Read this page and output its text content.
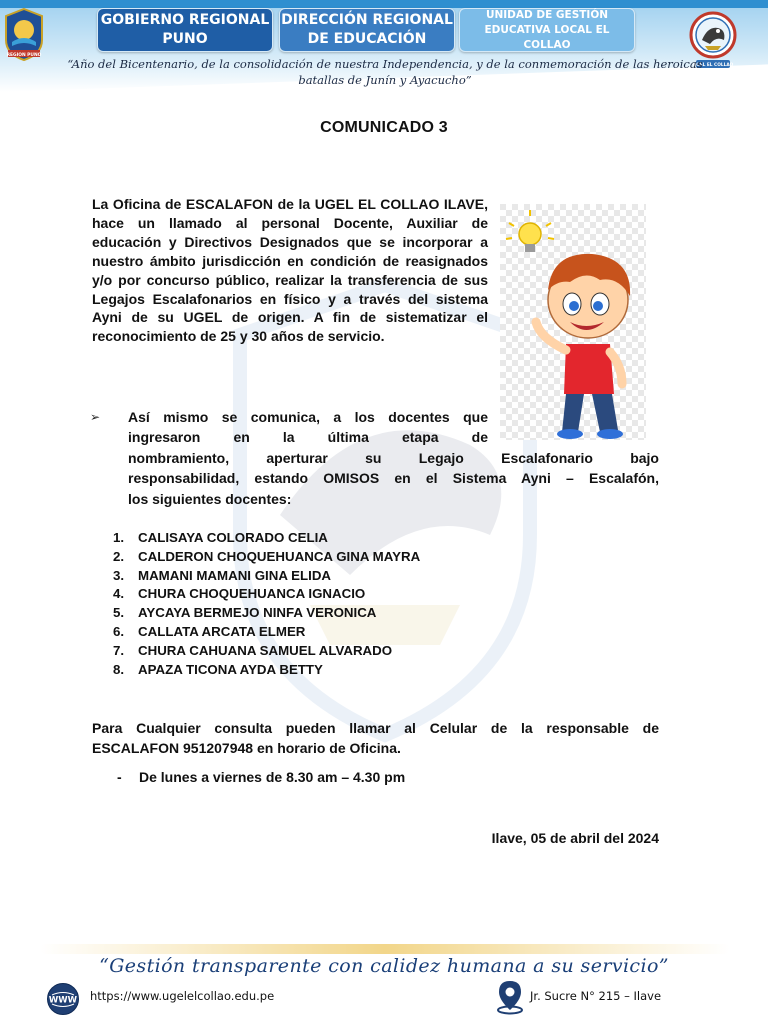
REGION PUNO
GOBIERNO REGIONAL
PUNO
DIRECCIÓN REGIONAL
DE EDUCACIÓN
UNIDAD DE GESTIÓN
EDUCATIVA LOCAL EL COLLAO
UGEL EL COLLAO
“Año del Bicentenario, de la consolidación de nuestra Independencia, y de la conmemoración de las heroicas batallas de Junín y Ayacucho”
COMUNICADO 3

La Oficina de ESCALAFON de la UGEL EL COLLAO ILAVE, hace un llamado al personal Docente, Auxiliar de educación y Directivos Designados que se incorporar a nuestro ámbito jurisdicción en condición de reasignados y/o por concurso público, realizar la transferencia de sus Legajos Escalafonarios en físico y a través del sistema Ayni de su UGEL de origen. A fin de sistematizar el reconocimiento de 25 y 30 años de servicio.

➢ Así mismo se comunica, a los docentes que ingresaron en la última etapa de

nombramiento, aperturar su Legajo Escalafonario bajo
responsabilidad, estando OMISOS en el Sistema Ayni – Escalafón,
los siguientes docentes:

1.	CALISAYA COLORADO CELIA
2.	CALDERON CHOQUEHUANCA GINA MAYRA
3.	MAMANI MAMANI GINA ELIDA
4.	CHURA CHOQUEHUANCA IGNACIO
5.	AYCAYA BERMEJO NINFA VERONICA
6.	CALLATA ARCATA ELMER
7.	CHURA CAHUANA SAMUEL ALVARADO
8.	APAZA TICONA AYDA BETTY

Para Cualquier consulta pueden llamar al Celular de la responsable de
ESCALAFON 951207948 en horario de Oficina.

- De lunes a viernes de 8.30 am – 4.30 pm
Ilave, 05 de abril del 2024
“Gestión transparente con calidez humana a su servicio”
WWW https://www.ugelelcollao.edu.pe	Jr. Sucre N° 215 – Ilave
